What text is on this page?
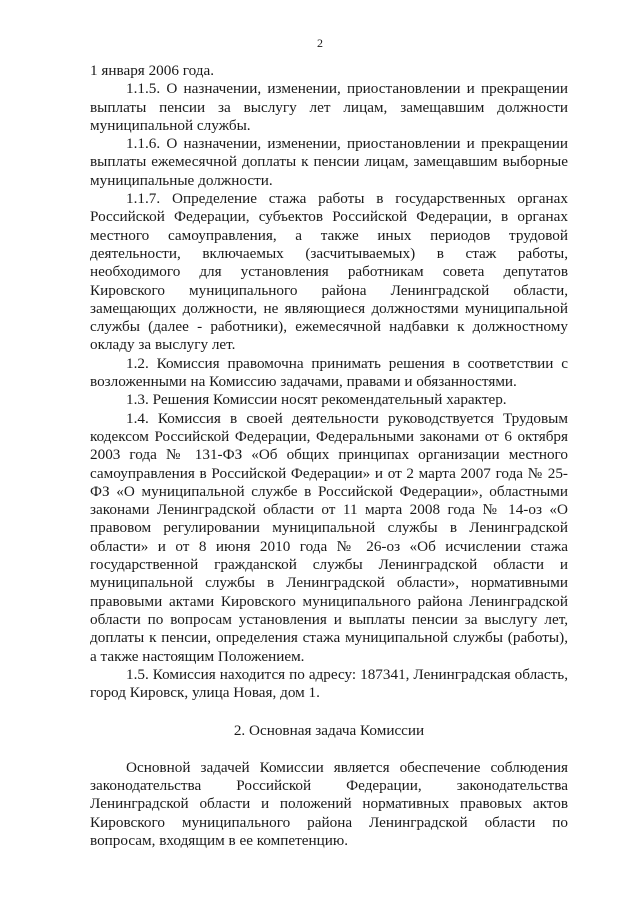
2

1 января 2006 года.

1.1.5. О назначении, изменении, приостановлении и прекращении выплаты пенсии за выслугу лет лицам, замещавшим должности муниципальной службы.

1.1.6. О назначении, изменении, приостановлении и прекращении выплаты ежемесячной доплаты к пенсии лицам, замещавшим выборные муниципальные должности.

1.1.7. Определение стажа работы в государственных органах Российской Федерации, субъектов Российской Федерации, в органах местного самоуправления, а также иных периодов трудовой деятельности, включаемых (засчитываемых) в стаж работы, необходимого для установления работникам совета депутатов Кировского муниципального района Ленинградской области, замещающих должности, не являющиеся должностями муниципальной службы (далее - работники), ежемесячной надбавки к должностному окладу за выслугу лет.

1.2. Комиссия правомочна принимать решения в соответствии с возложенными на Комиссию задачами, правами и обязанностями.

1.3. Решения Комиссии носят рекомендательный характер.

1.4. Комиссия в своей деятельности руководствуется Трудовым кодексом Российской Федерации, Федеральными законами от 6 октября 2003 года № 131-ФЗ «Об общих принципах организации местного самоуправления в Российской Федерации» и от 2 марта 2007 года № 25-ФЗ «О муниципальной службе в Российской Федерации», областными законами Ленинградской области от 11 марта 2008 года № 14-оз «О правовом регулировании муниципальной службы в Ленинградской области» и от 8 июня 2010 года № 26-оз «Об исчислении стажа государственной гражданской службы Ленинградской области и муниципальной службы в Ленинградской области», нормативными правовыми актами Кировского муниципального района Ленинградской области по вопросам установления и выплаты пенсии за выслугу лет, доплаты к пенсии, определения стажа муниципальной службы (работы), а также настоящим Положением.

1.5. Комиссия находится по адресу: 187341, Ленинградская область, город Кировск, улица Новая, дом 1.

2. Основная задача Комиссии

Основной задачей Комиссии является обеспечение соблюдения законодательства Российской Федерации, законодательства Ленинградской области и положений нормативных правовых актов Кировского муниципального района Ленинградской области по вопросам, входящим в ее компетенцию.
